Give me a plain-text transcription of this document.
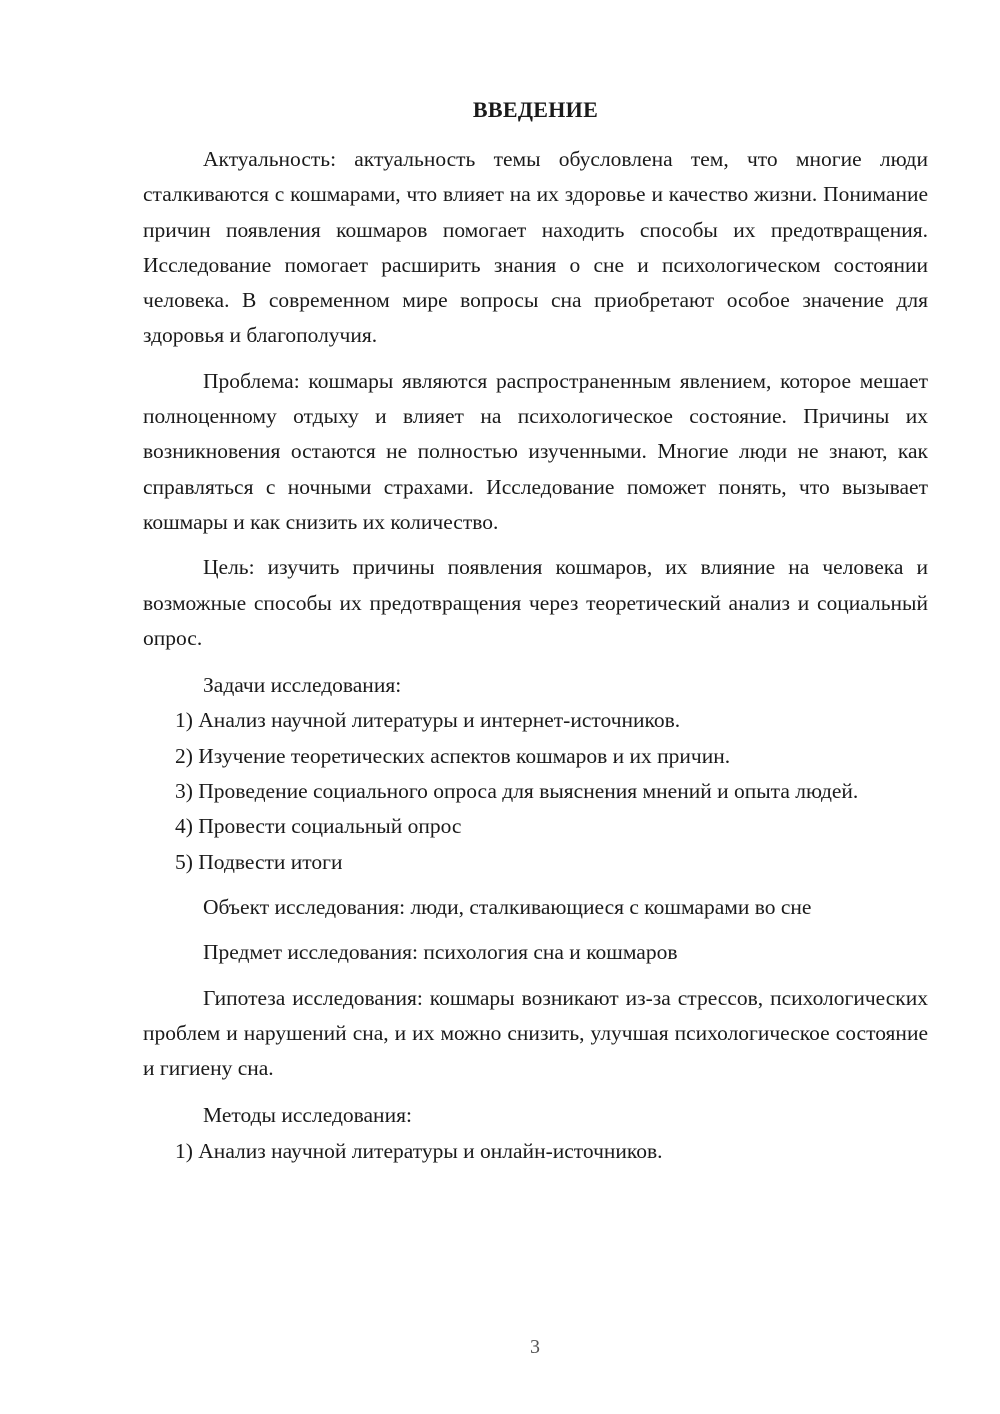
ВВЕДЕНИЕ

Актуальность: актуальность темы обусловлена тем, что многие люди сталкиваются с кошмарами, что влияет на их здоровье и качество жизни. Понимание причин появления кошмаров помогает находить способы их предотвращения. Исследование помогает расширить знания о сне и психологическом состоянии человека. В современном мире вопросы сна приобретают особое значение для здоровья и благополучия.

Проблема: кошмары являются распространенным явлением, которое мешает полноценному отдыху и влияет на психологическое состояние. Причины их возникновения остаются не полностью изученными. Многие люди не знают, как справляться с ночными страхами. Исследование поможет понять, что вызывает кошмары и как снизить их количество.

Цель: изучить причины появления кошмаров, их влияние на человека и возможные способы их предотвращения через теоретический анализ и социальный опрос.

Задачи исследования:

1) Анализ научной литературы и интернет-источников.

2) Изучение теоретических аспектов кошмаров и их причин.

3) Проведение социального опроса для выяснения мнений и опыта людей.

4) Провести социальный опрос

5) Подвести итоги

Объект исследования: люди, сталкивающиеся с кошмарами во сне

Предмет исследования: психология сна и кошмаров

Гипотеза исследования: кошмары возникают из-за стрессов, психологических проблем и нарушений сна, и их можно снизить, улучшая психологическое состояние и гигиену сна.

Методы исследования:

1) Анализ научной литературы и онлайн-источников.

3
